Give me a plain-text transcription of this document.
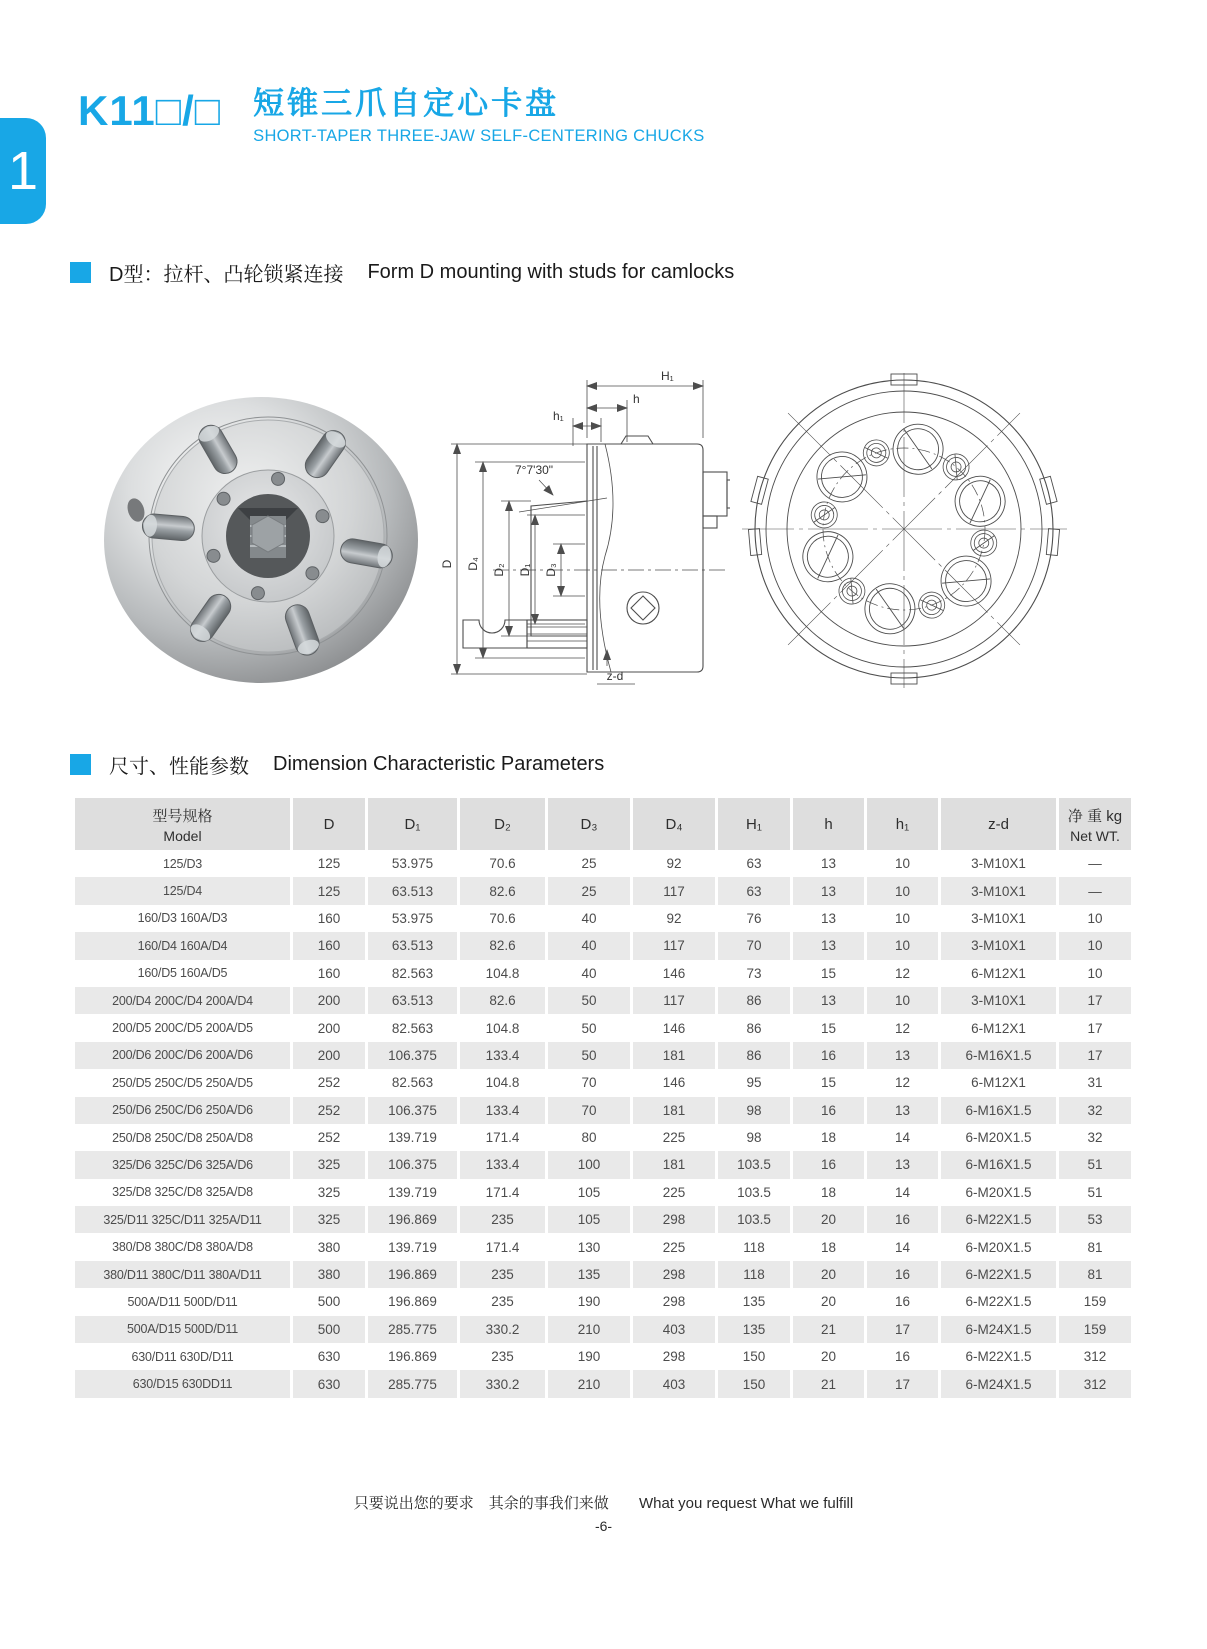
1
K11□/□ 短锥三爪自定心卡盘
SHORT-TAPER THREE-JAW SELF-CENTERING CHUCKS
D型：拉杆、凸轮锁紧连接 Form D mounting with studs for camlocks
H₁
h
h₁
7°7'30"
D D₄ D₂ D₁ D₃
z-d
尺寸、性能参数 Dimension Characteristic Parameters
型号规格
Model
	D	D₁	D₂	D₃	D₄	H₁	h	h₁	z-d	净 重 kg
Net WT.

125/D3	125	53.975	70.6	25	92	63	13	10	3-M10X1	—
125/D4	125	63.513	82.6	25	117	63	13	10	3-M10X1	—
160/D3 160A/D3	160	53.975	70.6	40	92	76	13	10	3-M10X1	10
160/D4 160A/D4	160	63.513	82.6	40	117	70	13	10	3-M10X1	10
160/D5 160A/D5	160	82.563	104.8	40	146	73	15	12	6-M12X1	10
200/D4 200C/D4 200A/D4	200	63.513	82.6	50	117	86	13	10	3-M10X1	17
200/D5 200C/D5 200A/D5	200	82.563	104.8	50	146	86	15	12	6-M12X1	17
200/D6 200C/D6 200A/D6	200	106.375	133.4	50	181	86	16	13	6-M16X1.5	17
250/D5 250C/D5 250A/D5	252	82.563	104.8	70	146	95	15	12	6-M12X1	31
250/D6 250C/D6 250A/D6	252	106.375	133.4	70	181	98	16	13	6-M16X1.5	32
250/D8 250C/D8 250A/D8	252	139.719	171.4	80	225	98	18	14	6-M20X1.5	32
325/D6 325C/D6 325A/D6	325	106.375	133.4	100	181	103.5	16	13	6-M16X1.5	51
325/D8 325C/D8 325A/D8	325	139.719	171.4	105	225	103.5	18	14	6-M20X1.5	51
325/D11 325C/D11 325A/D11	325	196.869	235	105	298	103.5	20	16	6-M22X1.5	53
380/D8 380C/D8 380A/D8	380	139.719	171.4	130	225	118	18	14	6-M20X1.5	81
380/D11 380C/D11 380A/D11	380	196.869	235	135	298	118	20	16	6-M22X1.5	81
500A/D11 500D/D11	500	196.869	235	190	298	135	20	16	6-M22X1.5	159
500A/D15 500D/D11	500	285.775	330.2	210	403	135	21	17	6-M24X1.5	159
630/D11 630D/D11	630	196.869	235	190	298	150	20	16	6-M22X1.5	312
630/D15 630DD11	630	285.775	330.2	210	403	150	21	17	6-M24X1.5	312
只要说出您的要求　其余的事我们来做 What you request What we fulfill
-6-
